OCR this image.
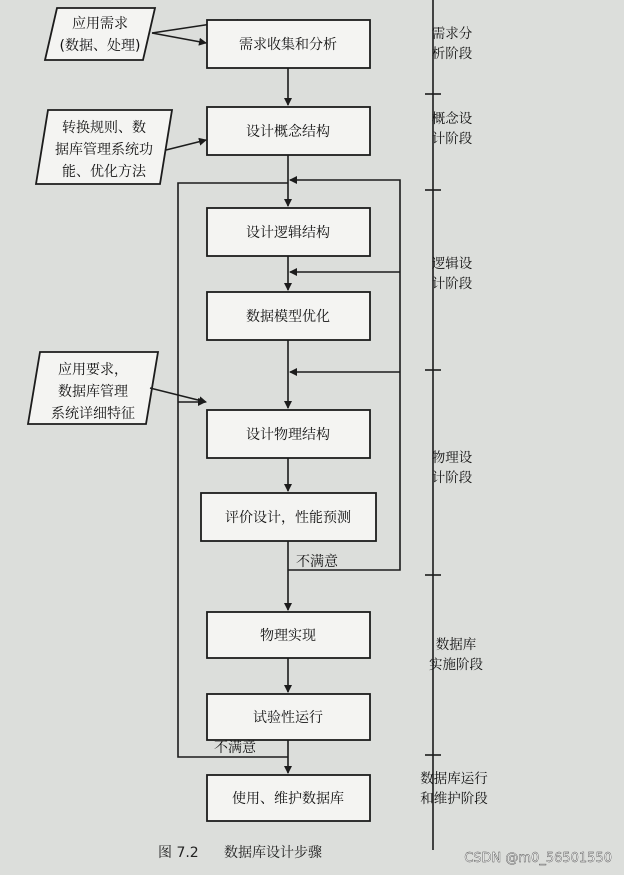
应用需求
(数据、处理)
转换规则、数
据库管理系统功
能、优化方法
应用要求，
数据库管理
系统详细特征
需求收集和分析
设计概念结构
设计逻辑结构
数据模型优化
设计物理结构
评价设计，性能预测
物理实现
试验性运行
使用、维护数据库
不满意
不满意
需求分
析阶段
概念设
计阶段
逻辑设
计阶段
物理设
计阶段
数据库
实施阶段
数据库运行
和维护阶段
图 7.2 数据库设计步骤	CSDN @m0_56501550
